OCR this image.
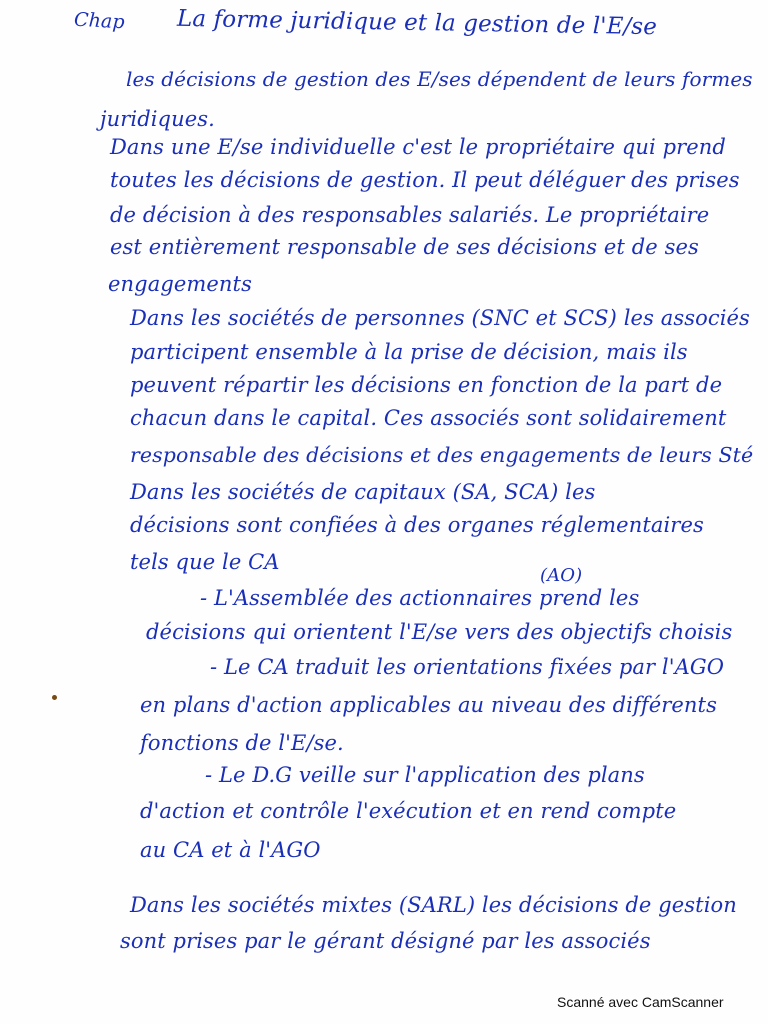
Chap La forme juridique et la gestion de l'E/se
les décisions de gestion des E/ses dépendent de leurs formes
juridiques.
Dans une E/se individuelle c'est le propriétaire qui prend
toutes les décisions de gestion. Il peut déléguer des prises
de décision à des responsables salariés. Le propriétaire
est entièrement responsable de ses décisions et de ses
engagements
Dans les sociétés de personnes (SNC et SCS) les associés
participent ensemble à la prise de décision, mais ils
peuvent répartir les décisions en fonction de la part de
chacun dans le capital. Ces associés sont solidairement
responsable des décisions et des engagements de leurs Sté
Dans les sociétés de capitaux (SA, SCA) les
décisions sont confiées à des organes réglementaires
tels que le CA
(AO)
- L'Assemblée des actionnaires prend les
décisions qui orientent l'E/se vers des objectifs choisis
- Le CA traduit les orientations fixées par l'AGO
en plans d'action applicables au niveau des différents
fonctions de l'E/se.
- Le D.G veille sur l'application des plans
d'action et contrôle l'exécution et en rend compte
au CA et à l'AGO
Dans les sociétés mixtes (SARL) les décisions de gestion
sont prises par le gérant désigné par les associés
Scanné avec CamScanner
